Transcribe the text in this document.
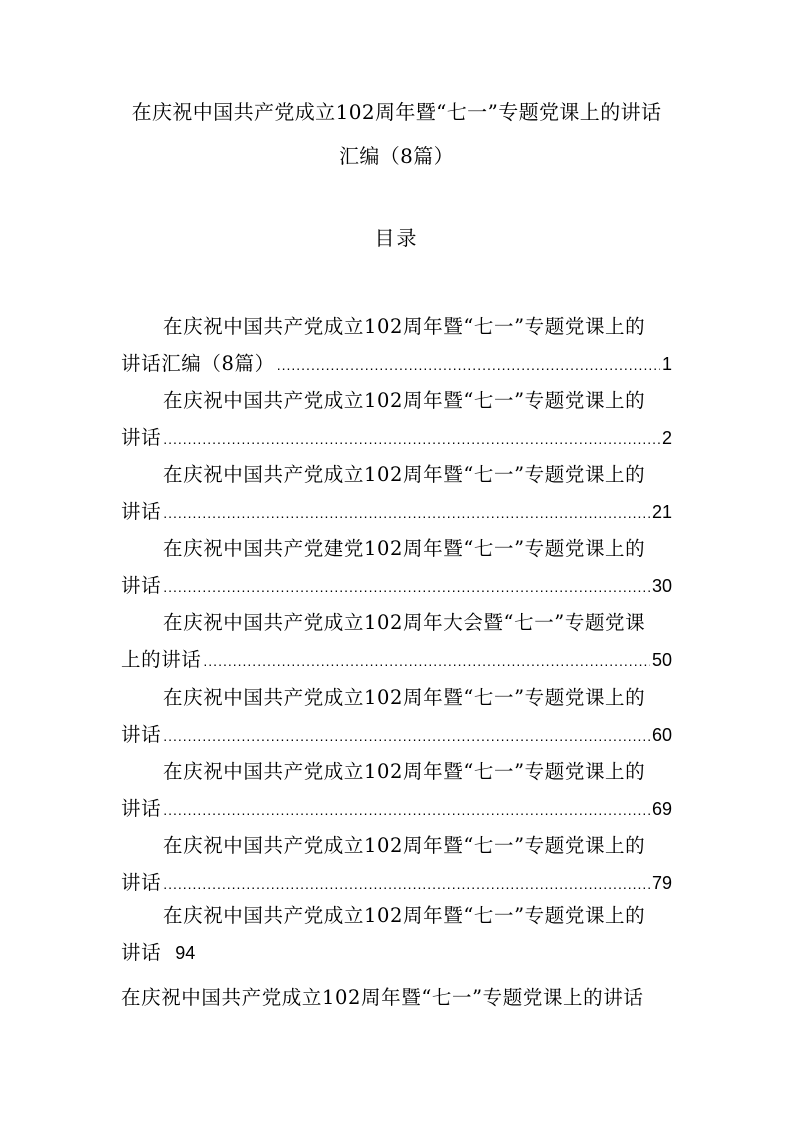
在庆祝中国共产党成立102周年暨“七一”专题党课上的讲话
汇编（8篇）
目录
在庆祝中国共产党成立102周年暨“七一”专题党课上的
讲话汇编（8篇） .....	1
在庆祝中国共产党成立102周年暨“七一”专题党课上的
讲话 .....	2
在庆祝中国共产党成立102周年暨“七一”专题党课上的
讲话 .....	21
在庆祝中国共产党建党102周年暨“七一”专题党课上的
讲话 .....	30
在庆祝中国共产党成立102周年大会暨“七一”专题党课
上的讲话 .....	50
在庆祝中国共产党成立102周年暨“七一”专题党课上的
讲话 .....	60
在庆祝中国共产党成立102周年暨“七一”专题党课上的
讲话 .....	69
在庆祝中国共产党成立102周年暨“七一”专题党课上的
讲话 .....	79
在庆祝中国共产党成立102周年暨“七一”专题党课上的
讲话 94
在庆祝中国共产党成立102周年暨“七一”专题党课上的讲话
